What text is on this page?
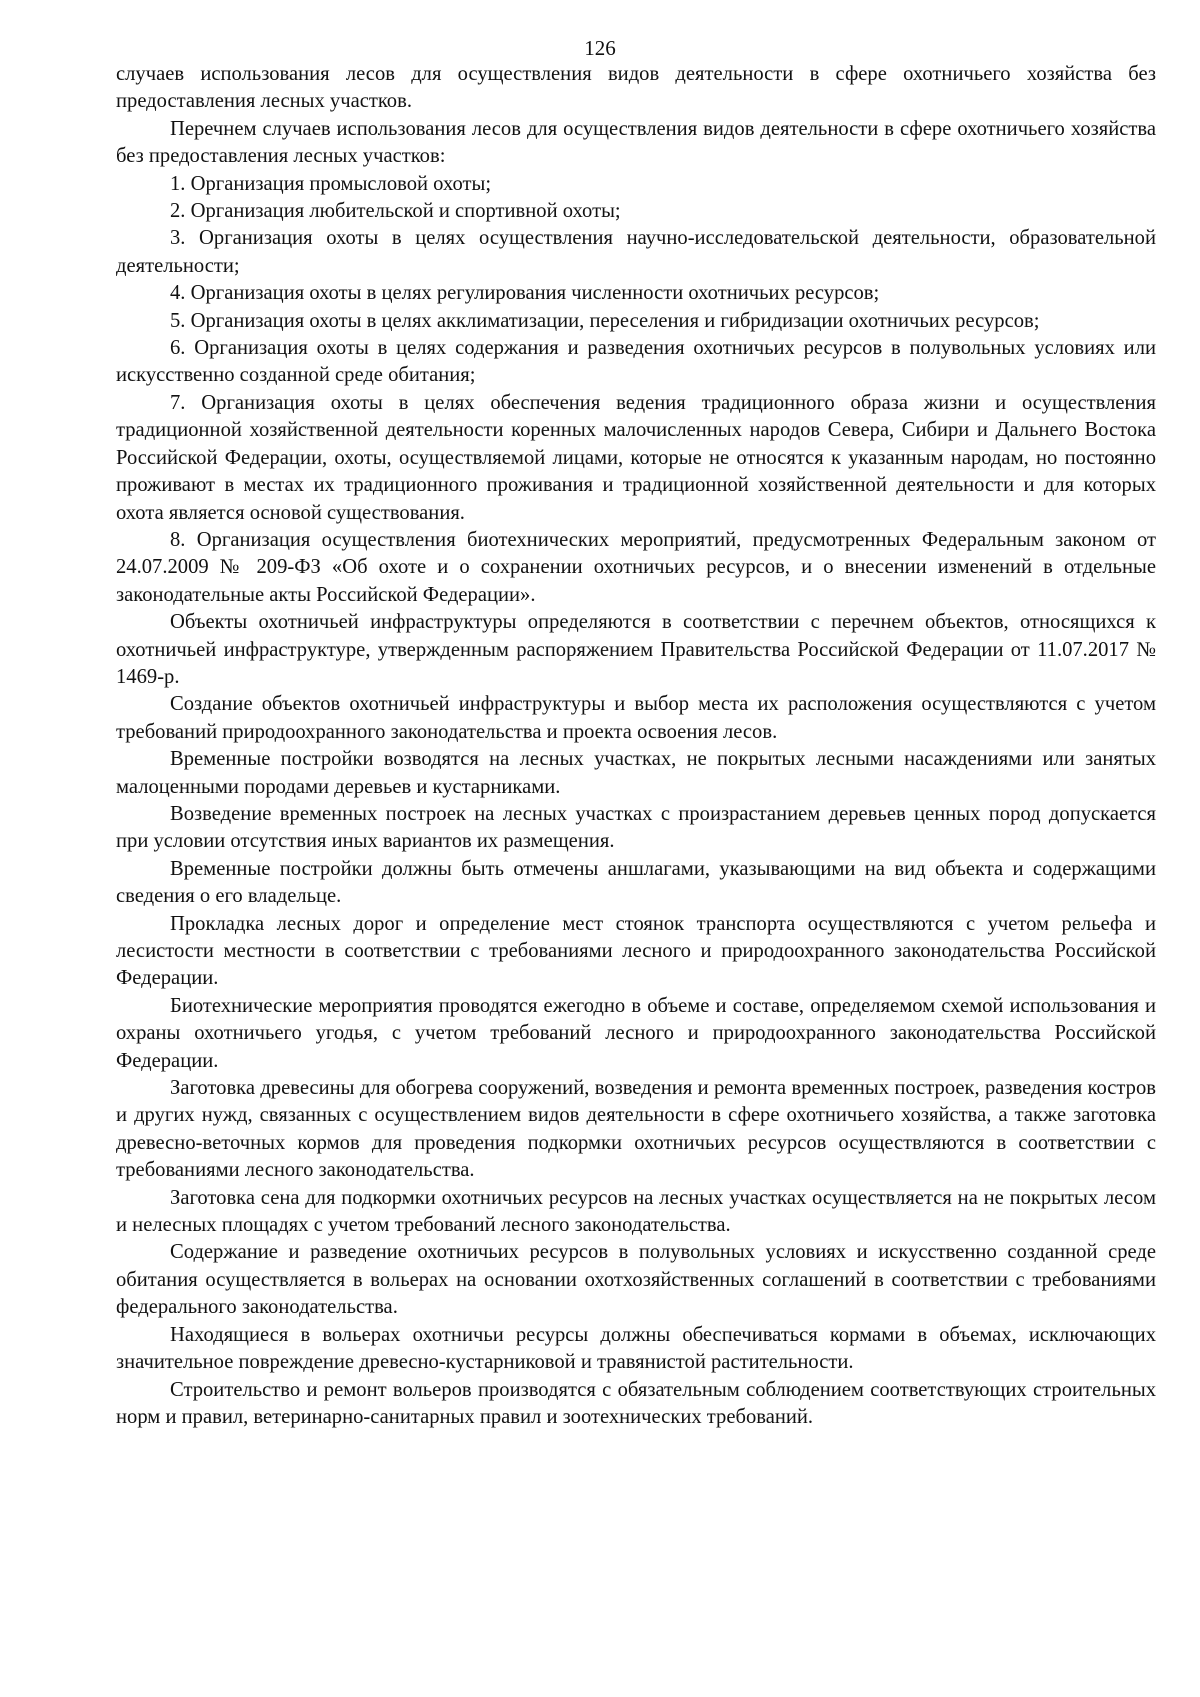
126

случаев использования лесов для осуществления видов деятельности в сфере охотничьего хозяйства без предоставления лесных участков.

Перечнем случаев использования лесов для осуществления видов деятельности в сфере охотничьего хозяйства без предоставления лесных участков:

1. Организация промысловой охоты;

2. Организация любительской и спортивной охоты;

3. Организация охоты в целях осуществления научно-исследовательской деятельности, образовательной деятельности;

4. Организация охоты в целях регулирования численности охотничьих ресурсов;

5. Организация охоты в целях акклиматизации, переселения и гибридизации охотничьих ресурсов;

6. Организация охоты в целях содержания и разведения охотничьих ресурсов в полувольных условиях или искусственно созданной среде обитания;

7. Организация охоты в целях обеспечения ведения традиционного образа жизни и осуществления традиционной хозяйственной деятельности коренных малочисленных народов Севера, Сибири и Дальнего Востока Российской Федерации, охоты, осуществляемой лицами, которые не относятся к указанным народам, но постоянно проживают в местах их традиционного проживания и традиционной хозяйственной деятельности и для которых охота является основой существования.

8. Организация осуществления биотехнических мероприятий, предусмотренных Федеральным законом от 24.07.2009 № 209-ФЗ «Об охоте и о сохранении охотничьих ресурсов, и о внесении изменений в отдельные законодательные акты Российской Федерации».

Объекты охотничьей инфраструктуры определяются в соответствии с перечнем объектов, относящихся к охотничьей инфраструктуре, утвержденным распоряжением Правительства Российской Федерации от 11.07.2017 № 1469-р.

Создание объектов охотничьей инфраструктуры и выбор места их расположения осуществляются с учетом требований природоохранного законодательства и проекта освоения лесов.

Временные постройки возводятся на лесных участках, не покрытых лесными насаждениями или занятых малоценными породами деревьев и кустарниками.

Возведение временных построек на лесных участках с произрастанием деревьев ценных пород допускается при условии отсутствия иных вариантов их размещения.

Временные постройки должны быть отмечены аншлагами, указывающими на вид объекта и содержащими сведения о его владельце.

Прокладка лесных дорог и определение мест стоянок транспорта осуществляются с учетом рельефа и лесистости местности в соответствии с требованиями лесного и природоохранного законодательства Российской Федерации.

Биотехнические мероприятия проводятся ежегодно в объеме и составе, определяемом схемой использования и охраны охотничьего угодья, с учетом требований лесного и природоохранного законодательства Российской Федерации.

Заготовка древесины для обогрева сооружений, возведения и ремонта временных построек, разведения костров и других нужд, связанных с осуществлением видов деятельности в сфере охотничьего хозяйства, а также заготовка древесно-веточных кормов для проведения подкормки охотничьих ресурсов осуществляются в соответствии с требованиями лесного законодательства.

Заготовка сена для подкормки охотничьих ресурсов на лесных участках осуществляется на не покрытых лесом и нелесных площадях с учетом требований лесного законодательства.

Содержание и разведение охотничьих ресурсов в полувольных условиях и искусственно созданной среде обитания осуществляется в вольерах на основании охотхозяйственных соглашений в соответствии с требованиями федерального законодательства.

Находящиеся в вольерах охотничьи ресурсы должны обеспечиваться кормами в объемах, исключающих значительное повреждение древесно-кустарниковой и травянистой растительности.

Строительство и ремонт вольеров производятся с обязательным соблюдением соответствующих строительных норм и правил, ветеринарно-санитарных правил и зоотехнических требований.
